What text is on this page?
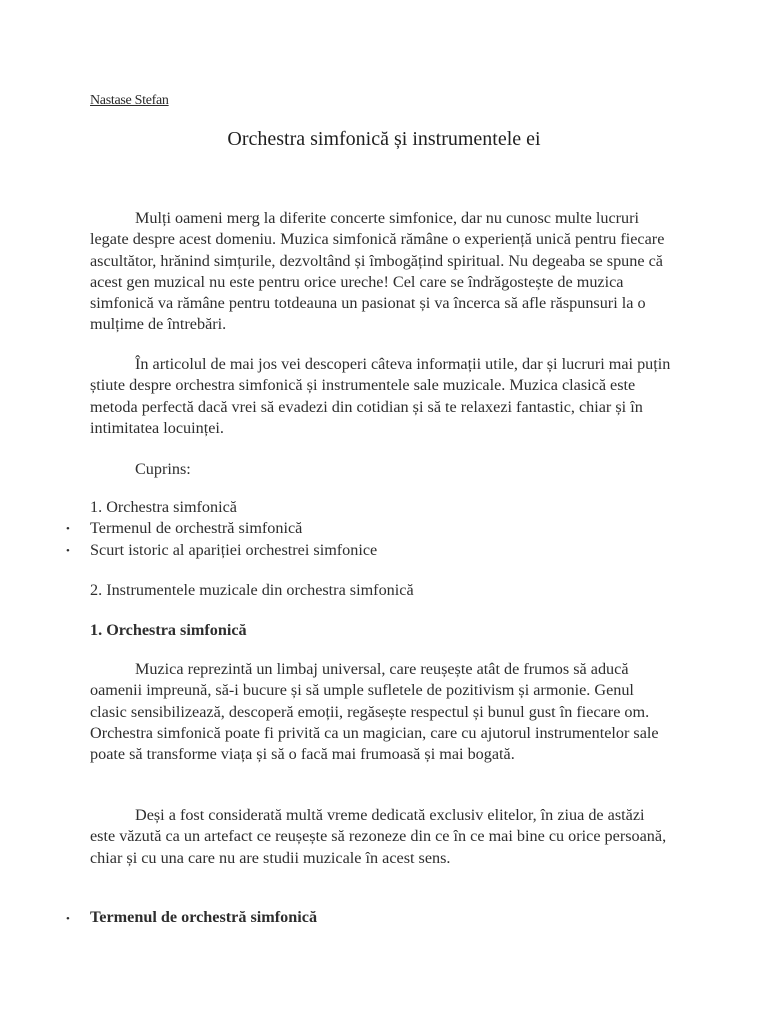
Nastase Stefan
Orchestra simfonică și instrumentele ei

Mulți oameni merg la diferite concerte simfonice, dar nu cunosc multe lucruri legate despre acest domeniu. Muzica simfonică rămâne o experiență unică pentru fiecare ascultător, hrănind simțurile, dezvoltând și îmbogățind spiritual. Nu degeaba se spune că acest gen muzical nu este pentru orice ureche! Cel care se îndrăgostește de muzica simfonică va rămâne pentru totdeauna un pasionat și va încerca să afle răspunsuri la o mulțime de întrebări.

În articolul de mai jos vei descoperi câteva informații utile, dar și lucruri mai puțin știute despre orchestra simfonică și instrumentele sale muzicale. Muzica clasică este metoda perfectă dacă vrei să evadezi din cotidian și să te relaxezi fantastic, chiar și în intimitatea locuinței.

Cuprins:
1. Orchestra simfonică
• Termenul de orchestră simfonică
• Scurt istoric al apariției orchestrei simfonice
2. Instrumentele muzicale din orchestra simfonică
1. Orchestra simfonică

Muzica reprezintă un limbaj universal, care reușește atât de frumos să aducă oamenii impreună, să-i bucure și să umple sufletele de pozitivism și armonie. Genul clasic sensibilizează, descoperă emoții, regăsește respectul și bunul gust în fiecare om. Orchestra simfonică poate fi privită ca un magician, care cu ajutorul instrumentelor sale poate să transforme viața și să o facă mai frumoasă și mai bogată.

Deși a fost considerată multă vreme dedicată exclusiv elitelor, în ziua de astăzi este văzută ca un artefact ce reușește să rezoneze din ce în ce mai bine cu orice persoană, chiar și cu una care nu are studii muzicale în acest sens.

• Termenul de orchestră simfonică
